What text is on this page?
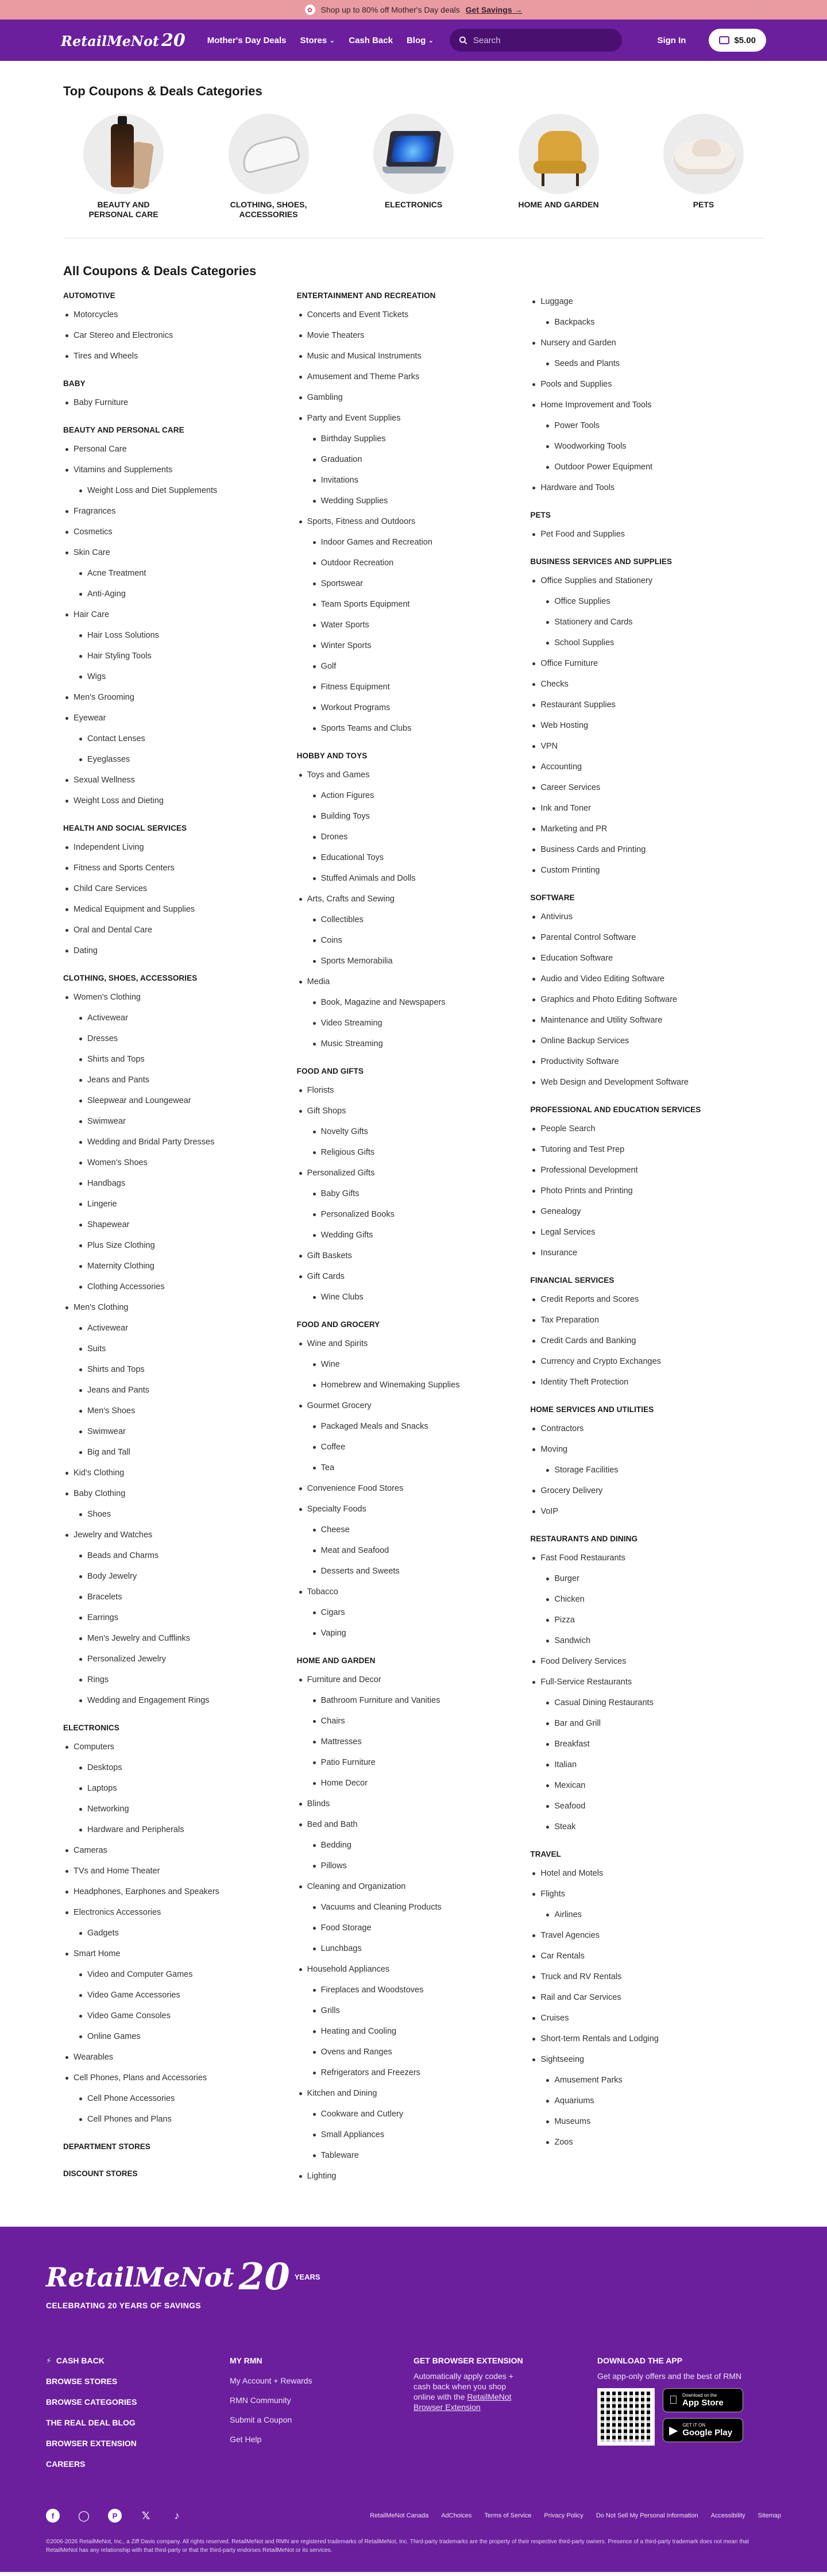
✿	Shop up to 80% off Mother's Day deals Get Savings →
RetailMeNot 20	Mother's Day Deals Stores ⌄ Cash Back Blog ⌄
Search	Sign In	$5.00
Top Coupons & Deals Categories
BEAUTY AND PERSONAL CARE
CLOTHING, SHOES, ACCESSORIES
ELECTRONICS	HOME AND GARDEN	PETS
All Coupons & Deals Categories
AUTOMOTIVE
Motorcycles
Car Stereo and Electronics
Tires and Wheels
BABY
Baby Furniture
BEAUTY AND PERSONAL CARE
Personal Care
Vitamins and Supplements
Weight Loss and Diet Supplements
Fragrances
Cosmetics
Skin Care
Acne Treatment
Anti-Aging
Hair Care
Hair Loss Solutions
Hair Styling Tools
Wigs
Men's Grooming
Eyewear
Contact Lenses
Eyeglasses
Sexual Wellness
Weight Loss and Dieting
HEALTH AND SOCIAL SERVICES
Independent Living
Fitness and Sports Centers
Child Care Services
Medical Equipment and Supplies
Oral and Dental Care
Dating
CLOTHING, SHOES, ACCESSORIES
Women's Clothing
Activewear
Dresses
Shirts and Tops
Jeans and Pants
Sleepwear and Loungewear
Swimwear
Wedding and Bridal Party Dresses
Women's Shoes
Handbags
Lingerie
Shapewear
Plus Size Clothing
Maternity Clothing
Clothing Accessories
Men's Clothing
Activewear
Suits
Shirts and Tops
Jeans and Pants
Men's Shoes
Swimwear
Big and Tall
Kid's Clothing
Baby Clothing
Shoes
Jewelry and Watches
Beads and Charms
Body Jewelry
Bracelets
Earrings
Men's Jewelry and Cufflinks
Personalized Jewelry
Rings
Wedding and Engagement Rings
ELECTRONICS
Computers
Desktops
Laptops
Networking
Hardware and Peripherals
Cameras
TVs and Home Theater
Headphones, Earphones and Speakers
Electronics Accessories
Gadgets
Smart Home
Video and Computer Games
Video Game Accessories
Video Game Consoles
Online Games
Wearables
Cell Phones, Plans and Accessories
Cell Phone Accessories
Cell Phones and Plans
DEPARTMENT STORES
DISCOUNT STORES
ENTERTAINMENT AND RECREATION
Concerts and Event Tickets
Movie Theaters
Music and Musical Instruments
Amusement and Theme Parks
Gambling
Party and Event Supplies
Birthday Supplies
Graduation
Invitations
Wedding Supplies
Sports, Fitness and Outdoors
Indoor Games and Recreation
Outdoor Recreation
Sportswear
Team Sports Equipment
Water Sports
Winter Sports
Golf
Fitness Equipment
Workout Programs
Sports Teams and Clubs
HOBBY AND TOYS
Toys and Games
Action Figures
Building Toys
Drones
Educational Toys
Stuffed Animals and Dolls
Arts, Crafts and Sewing
Collectibles
Coins
Sports Memorabilia
Media
Book, Magazine and Newspapers
Video Streaming
Music Streaming
FOOD AND GIFTS
Florists
Gift Shops
Novelty Gifts
Religious Gifts
Personalized Gifts
Baby Gifts
Personalized Books
Wedding Gifts
Gift Baskets
Gift Cards
Wine Clubs
FOOD AND GROCERY
Wine and Spirits
Wine
Homebrew and Winemaking Supplies
Gourmet Grocery
Packaged Meals and Snacks
Coffee
Tea
Convenience Food Stores
Specialty Foods
Cheese
Meat and Seafood
Desserts and Sweets
Tobacco
Cigars
Vaping
HOME AND GARDEN
Furniture and Decor
Bathroom Furniture and Vanities
Chairs
Mattresses
Patio Furniture
Home Decor
Blinds
Bed and Bath
Bedding
Pillows
Cleaning and Organization
Vacuums and Cleaning Products
Food Storage
Lunchbags
Household Appliances
Fireplaces and Woodstoves
Grills
Heating and Cooling
Ovens and Ranges
Refrigerators and Freezers
Kitchen and Dining
Cookware and Cutlery
Small Appliances
Tableware
Lighting
Luggage
Backpacks
Nursery and Garden
Seeds and Plants
Pools and Supplies
Home Improvement and Tools
Power Tools
Woodworking Tools
Outdoor Power Equipment
Hardware and Tools
PETS
Pet Food and Supplies
BUSINESS SERVICES AND SUPPLIES
Office Supplies and Stationery
Office Supplies
Stationery and Cards
School Supplies
Office Furniture
Checks
Restaurant Supplies
Web Hosting
VPN
Accounting
Career Services
Ink and Toner
Marketing and PR
Business Cards and Printing
Custom Printing
SOFTWARE
Antivirus
Parental Control Software
Education Software
Audio and Video Editing Software
Graphics and Photo Editing Software
Maintenance and Utility Software
Online Backup Services
Productivity Software
Web Design and Development Software
PROFESSIONAL AND EDUCATION SERVICES
People Search
Tutoring and Test Prep
Professional Development
Photo Prints and Printing
Genealogy
Legal Services
Insurance
FINANCIAL SERVICES
Credit Reports and Scores
Tax Preparation
Credit Cards and Banking
Currency and Crypto Exchanges
Identity Theft Protection
HOME SERVICES AND UTILITIES
Contractors
Moving
Storage Facilities
Grocery Delivery
VoIP
RESTAURANTS AND DINING
Fast Food Restaurants
Burger
Chicken
Pizza
Sandwich
Food Delivery Services
Full-Service Restaurants
Casual Dining Restaurants
Bar and Grill
Breakfast
Italian
Mexican
Seafood
Steak
TRAVEL
Hotel and Motels
Flights
Airlines
Travel Agencies
Car Rentals
Truck and RV Rentals
Rail and Car Services
Cruises
Short-term Rentals and Lodging
Sightseeing
Amusement Parks
Aquariums
Museums
Zoos
RetailMeNot 20 YEARS
CELEBRATING 20 YEARS OF SAVINGS
⚡ CASH BACK
BROWSE STORES
BROWSE CATEGORIES
THE REAL DEAL BLOG
BROWSER EXTENSION
CAREERS
MY RMN
My Account + Rewards
RMN Community
Submit a Coupon
Get Help
GET BROWSER EXTENSION

Automatically apply codes + cash back when you shop online with the RetailMeNot Browser Extension

DOWNLOAD THE APP

Get app-only offers and the best of RMN

Download on the
App Store
▶ GET IT ON
Google Play
f	◯	P	𝕏	♪	RetailMeNot Canada AdChoices Terms of Service Privacy Policy Do Not Sell My Personal Information Accessibility Sitemap
©2006-2026 RetailMeNot, Inc., a Ziff Davis company. All rights reserved. RetailMeNot and RMN are registered trademarks of RetailMeNot, Inc. Third-party trademarks are the property of their respective third-party owners. Presence of a third-party trademark does not mean that RetailMeNot has any relationship with that third-party or that the third-party endorses RetailMeNot or its services.
